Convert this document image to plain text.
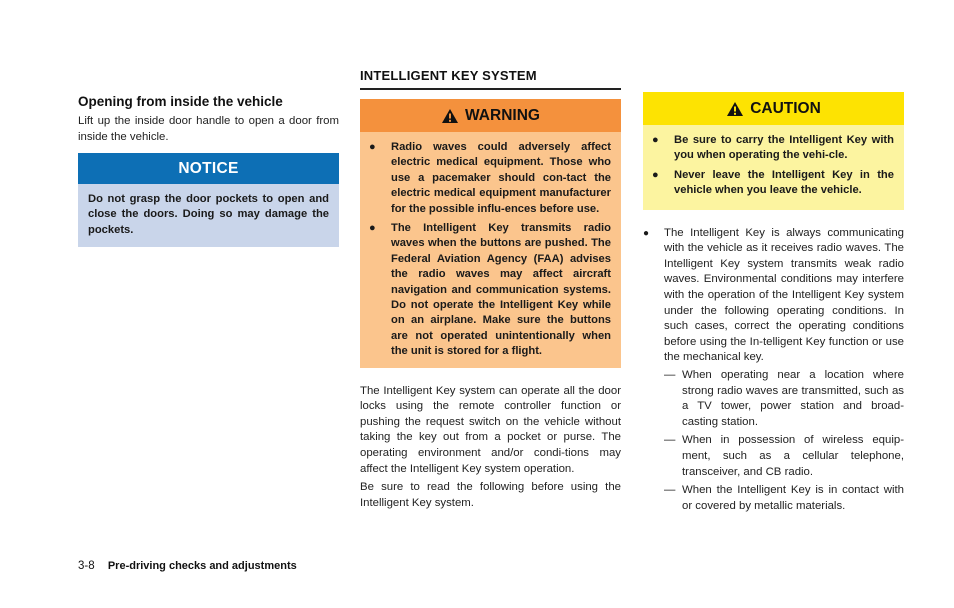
Opening from inside the vehicle
Lift up the inside door handle to open a door from inside the vehicle.
NOTICE
Do not grasp the door pockets to open and close the doors. Doing so may damage the pockets.
INTELLIGENT KEY SYSTEM
WARNING
●	Radio waves could adversely affect electric medical equipment. Those who use a pacemaker should con-tact the electric medical equipment manufacturer for the possible influ-ences before use.
●	The Intelligent Key transmits radio waves when the buttons are pushed. The Federal Aviation Agency (FAA) advises the radio waves may affect aircraft navigation and communication systems. Do not operate the Intelligent Key while on an airplane. Make sure the buttons are not operated unintentionally when the unit is stored for a flight.
The Intelligent Key system can operate all the door locks using the remote controller function or pushing the request switch on the vehicle without taking the key out from a pocket or purse. The operating environment and/or condi-tions may affect the Intelligent Key system operation.
Be sure to read the following before using the Intelligent Key system.
CAUTION
●	Be sure to carry the Intelligent Key with you when operating the vehi-cle.
●	Never leave the Intelligent Key in the vehicle when you leave the vehicle.
●	The Intelligent Key is always communicating with the vehicle as it receives radio waves. The Intelligent Key system transmits weak radio waves. Environmental conditions may interfere with the operation of the Intelligent Key system under the following operating conditions. In such cases, correct the operating conditions before using the In-telligent Key function or use the mechanical key.
— When operating near a location where strong radio waves are transmitted, such as a TV tower, power station and broad-casting station.
— When in possession of wireless equip-ment, such as a cellular telephone, transceiver, and CB radio.
— When the Intelligent Key is in contact with or covered by metallic materials.
3-8 Pre-driving checks and adjustments
